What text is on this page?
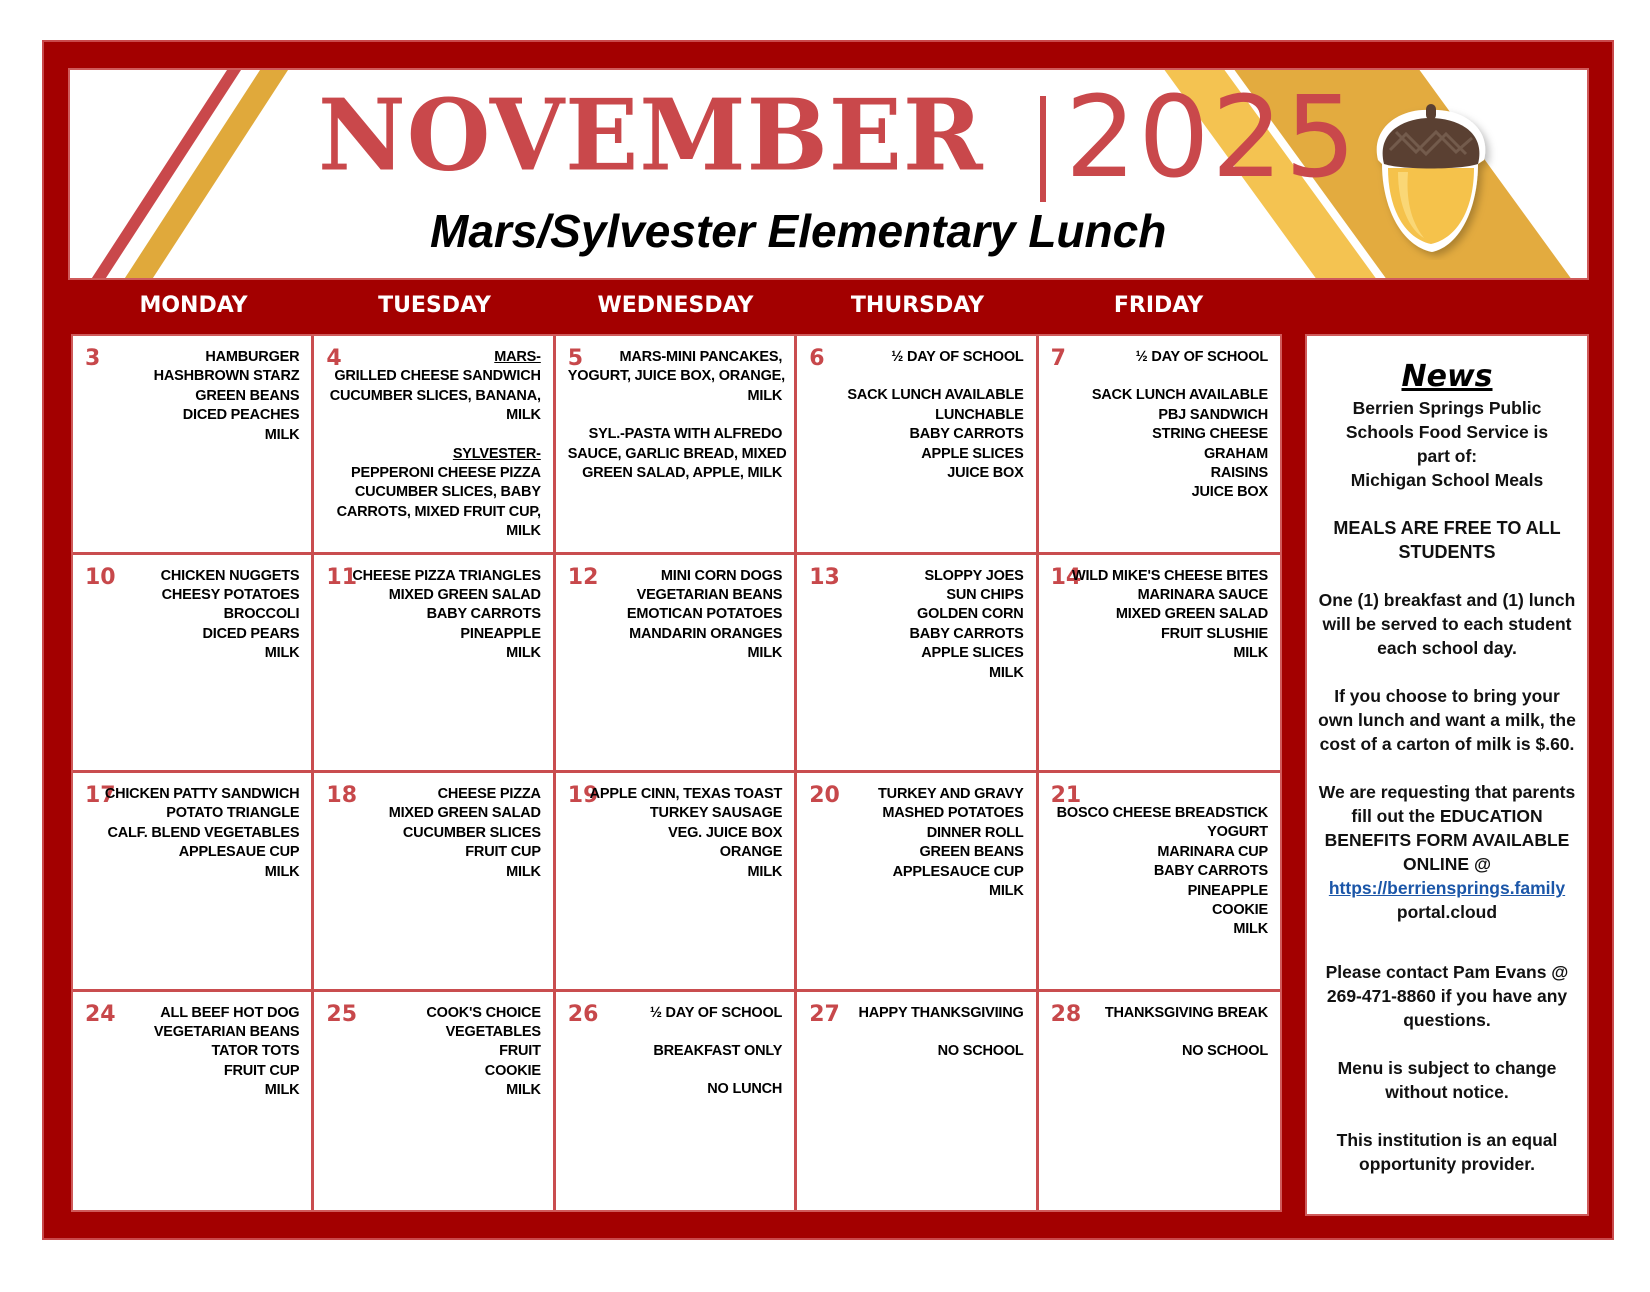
NOVEMBER 2025
Mars/Sylvester Elementary Lunch
MONDAY	TUESDAY	WEDNESDAY	THURSDAY	FRIDAY
3	HAMBURGER
HASHBROWN STARZ
GREEN BEANS
DICED PEACHES
MILK
4	MARS-
GRILLED CHEESE SANDWICH
CUCUMBER SLICES, BANANA,
MILK
SYLVESTER-
PEPPERONI CHEESE PIZZA
CUCUMBER SLICES, BABY
CARROTS, MIXED FRUIT CUP,
MILK
5	MARS-MINI PANCAKES,
YOGURT, JUICE BOX, ORANGE,
MILK
SYL.-PASTA WITH ALFREDO
SAUCE, GARLIC BREAD, MIXED
GREEN SALAD, APPLE, MILK
6	½ DAY OF SCHOOL
SACK LUNCH AVAILABLE
LUNCHABLE
BABY CARROTS
APPLE SLICES
JUICE BOX
7	½ DAY OF SCHOOL
SACK LUNCH AVAILABLE
PBJ SANDWICH
STRING CHEESE
GRAHAM
RAISINS
JUICE BOX
10	CHICKEN NUGGETS
CHEESY POTATOES
BROCCOLI
DICED PEARS
MILK
11
CHEESE PIZZA TRIANGLES
MIXED GREEN SALAD
BABY CARROTS
PINEAPPLE
MILK
12	MINI CORN DOGS
VEGETARIAN BEANS
EMOTICAN POTATOES
MANDARIN ORANGES
MILK
13	SLOPPY JOES
SUN CHIPS
GOLDEN CORN
BABY CARROTS
APPLE SLICES
MILK
14
WILD MIKE'S CHEESE BITES
MARINARA SAUCE
MIXED GREEN SALAD
FRUIT SLUSHIE
MILK
17
CHICKEN PATTY SANDWICH
POTATO TRIANGLE
CALF. BLEND VEGETABLES
APPLESAUE CUP
MILK
18	CHEESE PIZZA
MIXED GREEN SALAD
CUCUMBER SLICES
FRUIT CUP
MILK
19
APPLE CINN, TEXAS TOAST
TURKEY SAUSAGE
VEG. JUICE BOX
ORANGE
MILK
20	TURKEY AND GRAVY
MASHED POTATOES
DINNER ROLL
GREEN BEANS
APPLESAUCE CUP
MILK
21
BOSCO CHEESE BREADSTICK
YOGURT
MARINARA CUP
BABY CARROTS
PINEAPPLE
COOKIE
MILK
24	ALL BEEF HOT DOG
VEGETARIAN BEANS
TATOR TOTS
FRUIT CUP
MILK
25	COOK'S CHOICE
VEGETABLES
FRUIT
COOKIE
MILK
26	½ DAY OF SCHOOL
BREAKFAST ONLY
NO LUNCH
27	HAPPY THANKSGIVIING
NO SCHOOL
28	THANKSGIVING BREAK
NO SCHOOL
News

Berrien Springs Public
Schools Food Service is
part of:
Michigan School Meals

MEALS ARE FREE TO ALL STUDENTS

One (1) breakfast and (1) lunch will be served to each student each school day.

If you choose to bring your own lunch and want a milk, the cost of a carton of milk is $.60.

We are requesting that parents fill out the EDUCATION BENEFITS FORM AVAILABLE ONLINE @
https://berriensprings.family
portal.cloud

Please contact Pam Evans @ 269-471-8860 if you have any questions.

Menu is subject to change without notice.

This institution is an equal opportunity provider.
